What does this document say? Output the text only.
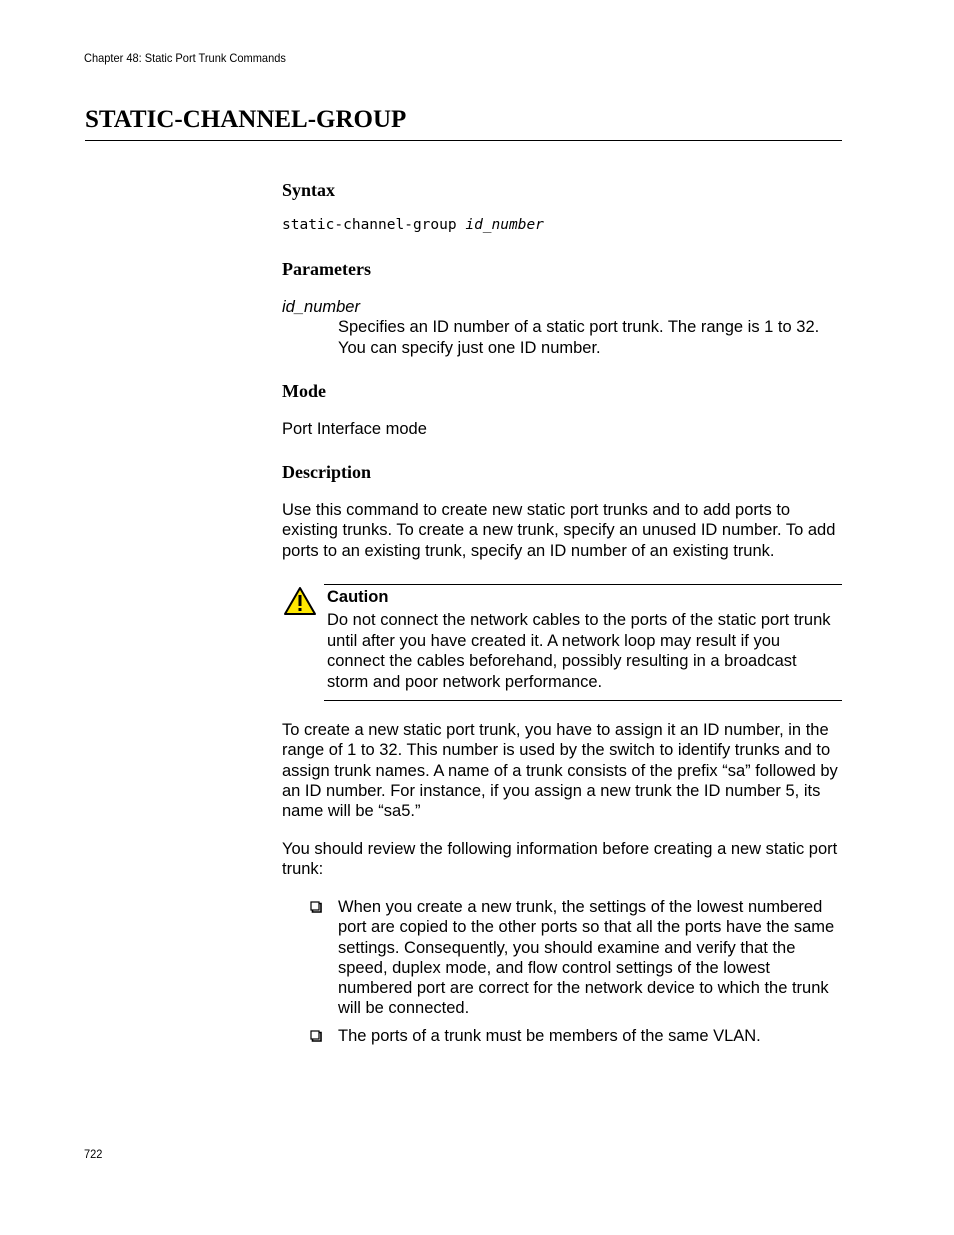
Chapter 48: Static Port Trunk Commands
STATIC-CHANNEL-GROUP
Syntax
static-channel-group id_number
Parameters
id_number

Specifies an ID number of a static port trunk. The range is 1 to 32. You can specify just one ID number.

Mode

Port Interface mode

Description

Use this command to create new static port trunks and to add ports to existing trunks. To create a new trunk, specify an unused ID number. To add ports to an existing trunk, specify an ID number of an existing trunk.

Caution

Do not connect the network cables to the ports of the static port trunk until after you have created it. A network loop may result if you connect the cables beforehand, possibly resulting in a broadcast storm and poor network performance.

To create a new static port trunk, you have to assign it an ID number, in the range of 1 to 32. This number is used by the switch to identify trunks and to assign trunk names. A name of a trunk consists of the prefix “sa” followed by an ID number. For instance, if you assign a new trunk the ID number 5, its name will be “sa5.”

You should review the following information before creating a new static port trunk:

When you create a new trunk, the settings of the lowest numbered port are copied to the other ports so that all the ports have the same settings. Consequently, you should examine and verify that the speed, duplex mode, and flow control settings of the lowest numbered port are correct for the network device to which the trunk will be connected.

The ports of a trunk must be members of the same VLAN.

722
